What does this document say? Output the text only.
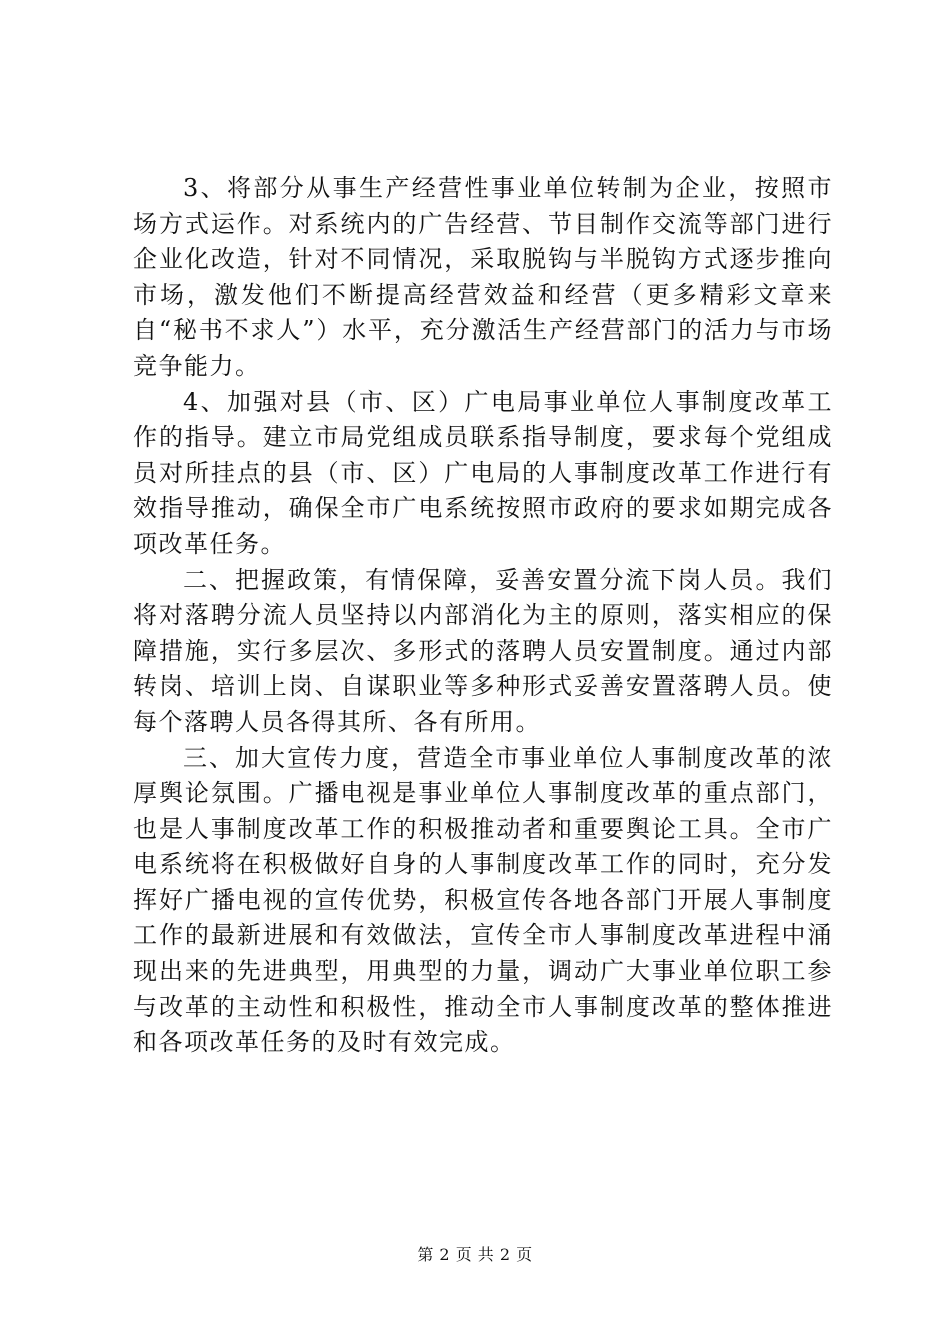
3、将部分从事生产经营性事业单位转制为企业，按照市场方式运作。对系统内的广告经营、节目制作交流等部门进行企业化改造，针对不同情况，采取脱钩与半脱钩方式逐步推向市场，激发他们不断提高经营效益和经营（更多精彩文章来自“秘书不求人”）水平，充分激活生产经营部门的活力与市场竞争能力。

4、加强对县（市、区）广电局事业单位人事制度改革工作的指导。建立市局党组成员联系指导制度，要求每个党组成员对所挂点的县（市、区）广电局的人事制度改革工作进行有效指导推动，确保全市广电系统按照市政府的要求如期完成各项改革任务。

二、把握政策，有情保障，妥善安置分流下岗人员。我们将对落聘分流人员坚持以内部消化为主的原则，落实相应的保障措施，实行多层次、多形式的落聘人员安置制度。通过内部转岗、培训上岗、自谋职业等多种形式妥善安置落聘人员。使每个落聘人员各得其所、各有所用。

三、加大宣传力度，营造全市事业单位人事制度改革的浓厚舆论氛围。广播电视是事业单位人事制度改革的重点部门，也是人事制度改革工作的积极推动者和重要舆论工具。全市广电系统将在积极做好自身的人事制度改革工作的同时，充分发挥好广播电视的宣传优势，积极宣传各地各部门开展人事制度工作的最新进展和有效做法，宣传全市人事制度改革进程中涌现出来的先进典型，用典型的力量，调动广大事业单位职工参与改革的主动性和积极性，推动全市人事制度改革的整体推进和各项改革任务的及时有效完成。

第 2 页 共 2 页
